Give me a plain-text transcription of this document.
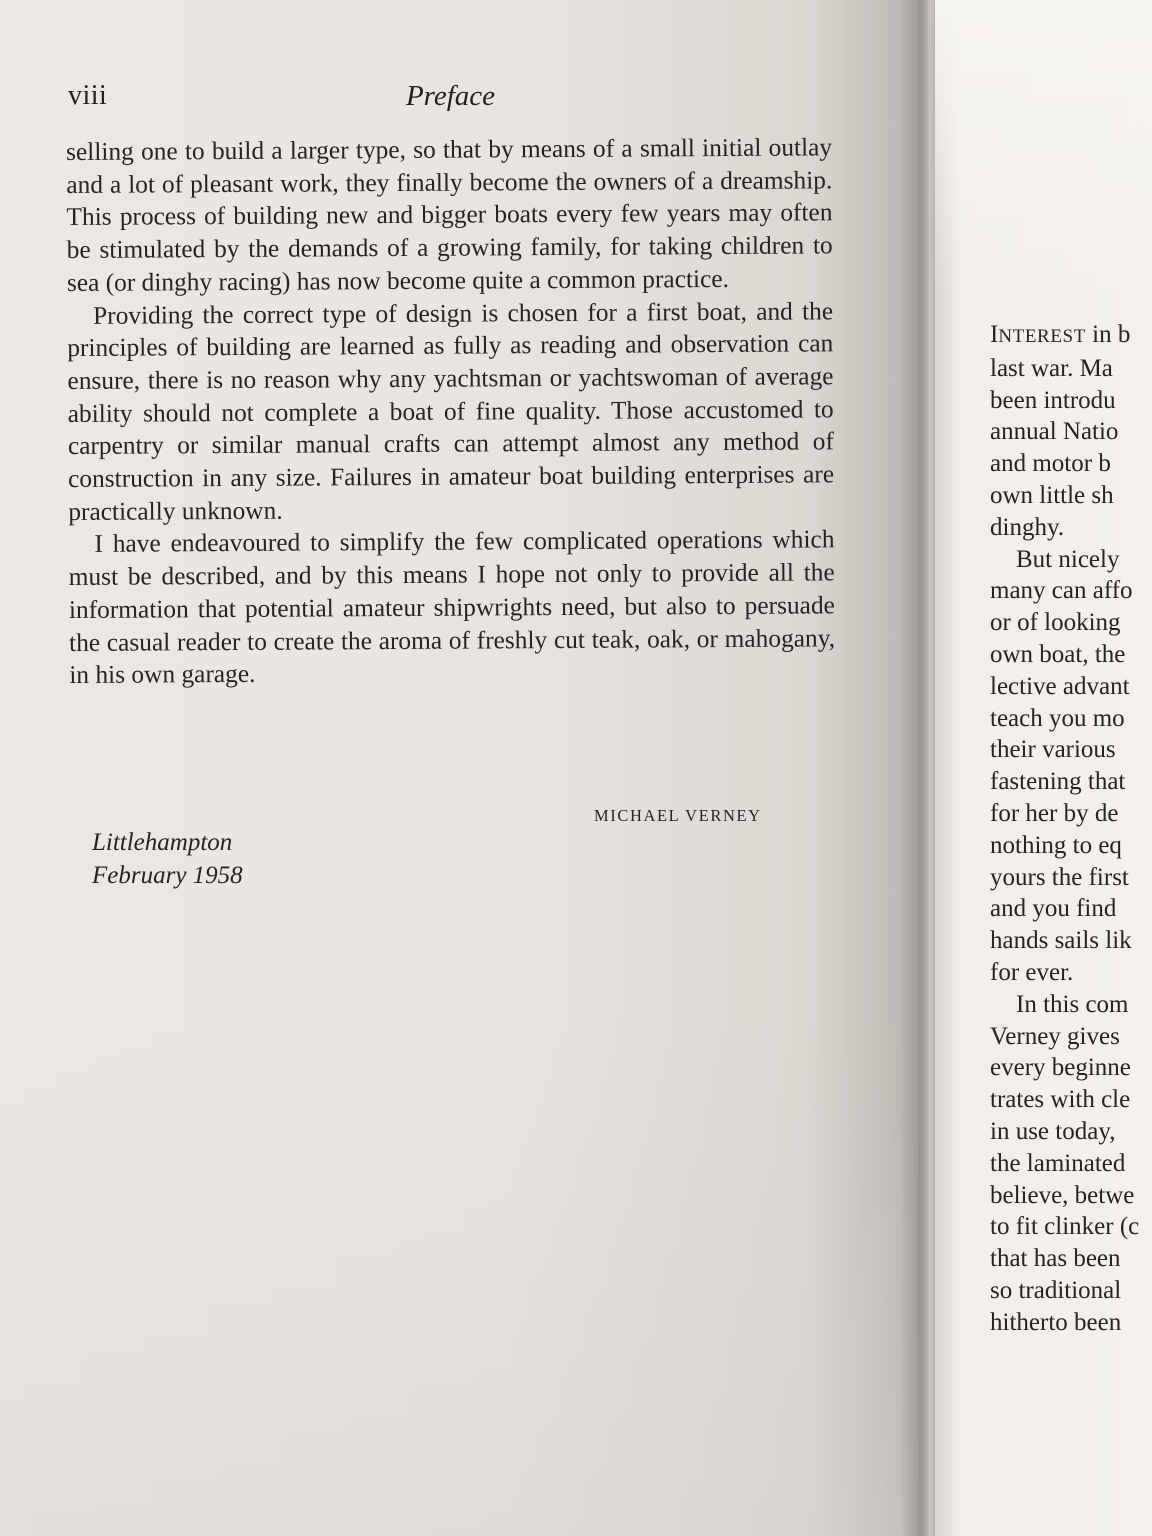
viii	Preface

selling one to build a larger type, so that by means of a small initial outlay and a lot of pleasant work, they finally become the owners of a dreamship. This process of building new and bigger boats every few years may often be stimulated by the demands of a growing family, for taking children to sea (or dinghy racing) has now become quite a common practice.

Providing the correct type of design is chosen for a first boat, and the principles of building are learned as fully as reading and observation can ensure, there is no reason why any yachtsman or yachtswoman of average ability should not complete a boat of fine quality. Those accustomed to carpentry or similar manual crafts can attempt almost any method of construction in any size. Failures in amateur boat building enterprises are practically unknown.

I have endeavoured to simplify the few complicated operations which must be described, and by this means I hope not only to provide all the information that potential amateur shipwrights need, but also to persuade the casual reader to create the aroma of freshly cut teak, oak, or mahogany, in his own garage.

MICHAEL VERNEY
Littlehampton
February 1958
INTEREST in b
last war. Ma
been introdu
annual Natio
and motor b
own little sh
dinghy.
But nicely
many can affo
or of looking
own boat, the
lective advant
teach you mo
their various
fastening that
for her by de
nothing to eq
yours the first
and you find
hands sails lik
for ever.
In this com
Verney gives
every beginne
trates with cle
in use today,
the laminated
believe, betwe
to fit clinker (c
that has been
so traditional
hitherto been
